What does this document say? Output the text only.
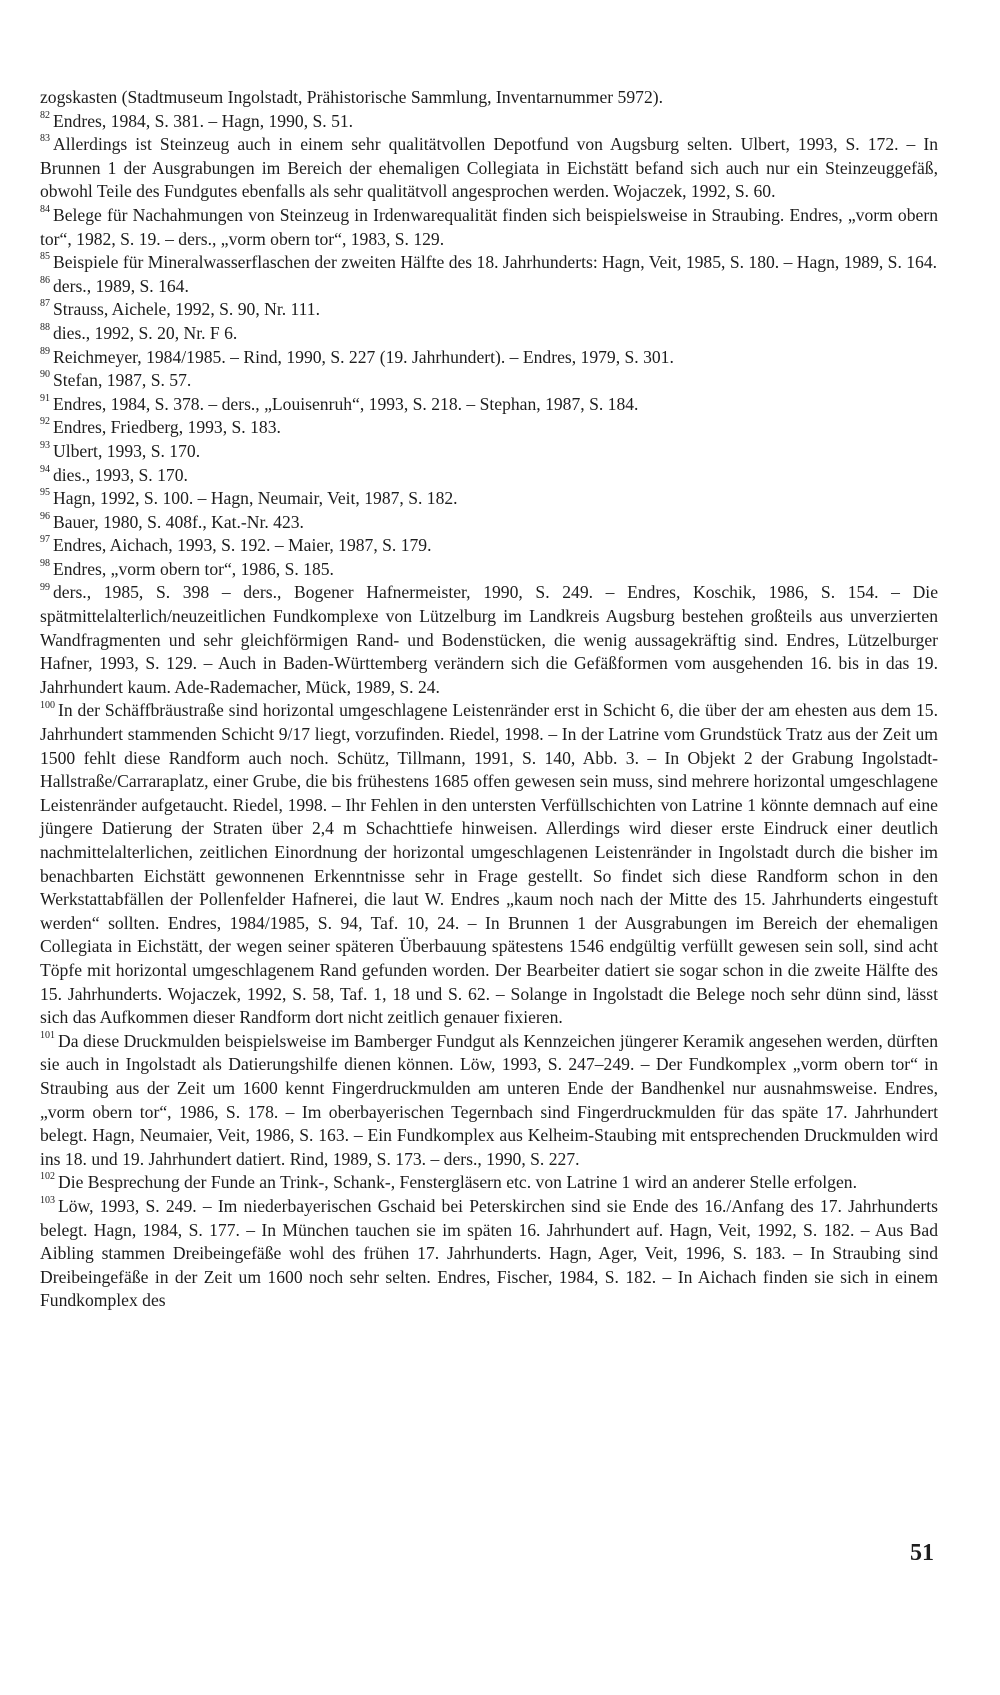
zogskasten (Stadtmuseum Ingolstadt, Prähistorische Sammlung, Inventarnummer 5972).

$^{82}$ Endres, 1984, S. 381. – Hagn, 1990, S. 51.

$^{83}$ Allerdings ist Steinzeug auch in einem sehr qualitätvollen Depotfund von Augsburg selten. Ulbert, 1993, S. 172. – In Brunnen 1 der Ausgrabungen im Bereich der ehemaligen Collegiata in Eichstätt befand sich auch nur ein Steinzeuggefäß, obwohl Teile des Fundgutes ebenfalls als sehr qualitätvoll angesprochen werden. Wojaczek, 1992, S. 60.

$^{84}$ Belege für Nachahmungen von Steinzeug in Irdenwarequalität finden sich beispielsweise in Straubing. Endres, „vorm obern tor“, 1982, S. 19. – ders., „vorm obern tor“, 1983, S. 129.

$^{85}$ Beispiele für Mineralwasserflaschen der zweiten Hälfte des 18. Jahrhunderts: Hagn, Veit, 1985, S. 180. – Hagn, 1989, S. 164.

$^{86}$ ders., 1989, S. 164.

$^{87}$ Strauss, Aichele, 1992, S. 90, Nr. 111.

$^{88}$ dies., 1992, S. 20, Nr. F 6.

$^{89}$ Reichmeyer, 1984/1985. – Rind, 1990, S. 227 (19. Jahrhundert). – Endres, 1979, S. 301.

$^{90}$ Stefan, 1987, S. 57.

$^{91}$ Endres, 1984, S. 378. – ders., „Louisenruh“, 1993, S. 218. – Stephan, 1987, S. 184.

$^{92}$ Endres, Friedberg, 1993, S. 183.

$^{93}$ Ulbert, 1993, S. 170.

$^{94}$ dies., 1993, S. 170.

$^{95}$ Hagn, 1992, S. 100. – Hagn, Neumair, Veit, 1987, S. 182.

$^{96}$ Bauer, 1980, S. 408f., Kat.-Nr. 423.

$^{97}$ Endres, Aichach, 1993, S. 192. – Maier, 1987, S. 179.

$^{98}$ Endres, „vorm obern tor“, 1986, S. 185.

$^{99}$ ders., 1985, S. 398 – ders., Bogener Hafnermeister, 1990, S. 249. – Endres, Koschik, 1986, S. 154. – Die spätmittelalterlich/neuzeitlichen Fundkomplexe von Lützelburg im Landkreis Augsburg bestehen großteils aus unverzierten Wandfragmenten und sehr gleichförmigen Rand- und Bodenstücken, die wenig aussagekräftig sind. Endres, Lützelburger Hafner, 1993, S. 129. – Auch in Baden-Württemberg verändern sich die Gefäßformen vom ausgehenden 16. bis in das 19. Jahrhundert kaum. Ade-Rademacher, Mück, 1989, S. 24.

$^{100}$ In der Schäffbräustraße sind horizontal umgeschlagene Leistenränder erst in Schicht 6, die über der am ehesten aus dem 15. Jahrhundert stammenden Schicht 9/17 liegt, vorzufinden. Riedel, 1998. – In der Latrine vom Grundstück Tratz aus der Zeit um 1500 fehlt diese Randform auch noch. Schütz, Tillmann, 1991, S. 140, Abb. 3. – In Objekt 2 der Grabung Ingolstadt-Hallstraße/Carraraplatz, einer Grube, die bis frühestens 1685 offen gewesen sein muss, sind mehrere horizontal umgeschlagene Leistenränder aufgetaucht. Riedel, 1998. – Ihr Fehlen in den untersten Verfüllschichten von Latrine 1 könnte demnach auf eine jüngere Datierung der Straten über 2,4 m Schachttiefe hinweisen. Allerdings wird dieser erste Eindruck einer deutlich nachmittelalterlichen, zeitlichen Einordnung der horizontal umgeschlagenen Leistenränder in Ingolstadt durch die bisher im benachbarten Eichstätt gewonnenen Erkenntnisse sehr in Frage gestellt. So findet sich diese Randform schon in den Werkstattabfällen der Pollenfelder Hafnerei, die laut W. Endres „kaum noch nach der Mitte des 15. Jahrhunderts eingestuft werden“ sollten. Endres, 1984/1985, S. 94, Taf. 10, 24. – In Brunnen 1 der Ausgrabungen im Bereich der ehemaligen Collegiata in Eichstätt, der wegen seiner späteren Überbauung spätestens 1546 endgültig verfüllt gewesen sein soll, sind acht Töpfe mit horizontal umgeschlagenem Rand gefunden worden. Der Bearbeiter datiert sie sogar schon in die zweite Hälfte des 15. Jahrhunderts. Wojaczek, 1992, S. 58, Taf. 1, 18 und S. 62. – Solange in Ingolstadt die Belege noch sehr dünn sind, lässt sich das Aufkommen dieser Randform dort nicht zeitlich genauer fixieren.

$^{101}$ Da diese Druckmulden beispielsweise im Bamberger Fundgut als Kennzeichen jüngerer Keramik angesehen werden, dürften sie auch in Ingolstadt als Datierungshilfe dienen können. Löw, 1993, S. 247–249. – Der Fundkomplex „vorm obern tor“ in Straubing aus der Zeit um 1600 kennt Fingerdruckmulden am unteren Ende der Bandhenkel nur ausnahmsweise. Endres, „vorm obern tor“, 1986, S. 178. – Im oberbayerischen Tegernbach sind Fingerdruckmulden für das späte 17. Jahrhundert belegt. Hagn, Neumaier, Veit, 1986, S. 163. – Ein Fundkomplex aus Kelheim-Staubing mit entsprechenden Druckmulden wird ins 18. und 19. Jahrhundert datiert. Rind, 1989, S. 173. – ders., 1990, S. 227.

$^{102}$ Die Besprechung der Funde an Trink-, Schank-, Fenstergläsern etc. von Latrine 1 wird an anderer Stelle erfolgen.

$^{103}$ Löw, 1993, S. 249. – Im niederbayerischen Gschaid bei Peterskirchen sind sie Ende des 16./Anfang des 17. Jahrhunderts belegt. Hagn, 1984, S. 177. – In München tauchen sie im späten 16. Jahrhundert auf. Hagn, Veit, 1992, S. 182. – Aus Bad Aibling stammen Dreibeingefäße wohl des frühen 17. Jahrhunderts. Hagn, Ager, Veit, 1996, S. 183. – In Straubing sind Dreibeingefäße in der Zeit um 1600 noch sehr selten. Endres, Fischer, 1984, S. 182. – In Aichach finden sie sich in einem Fundkomplex des

51
